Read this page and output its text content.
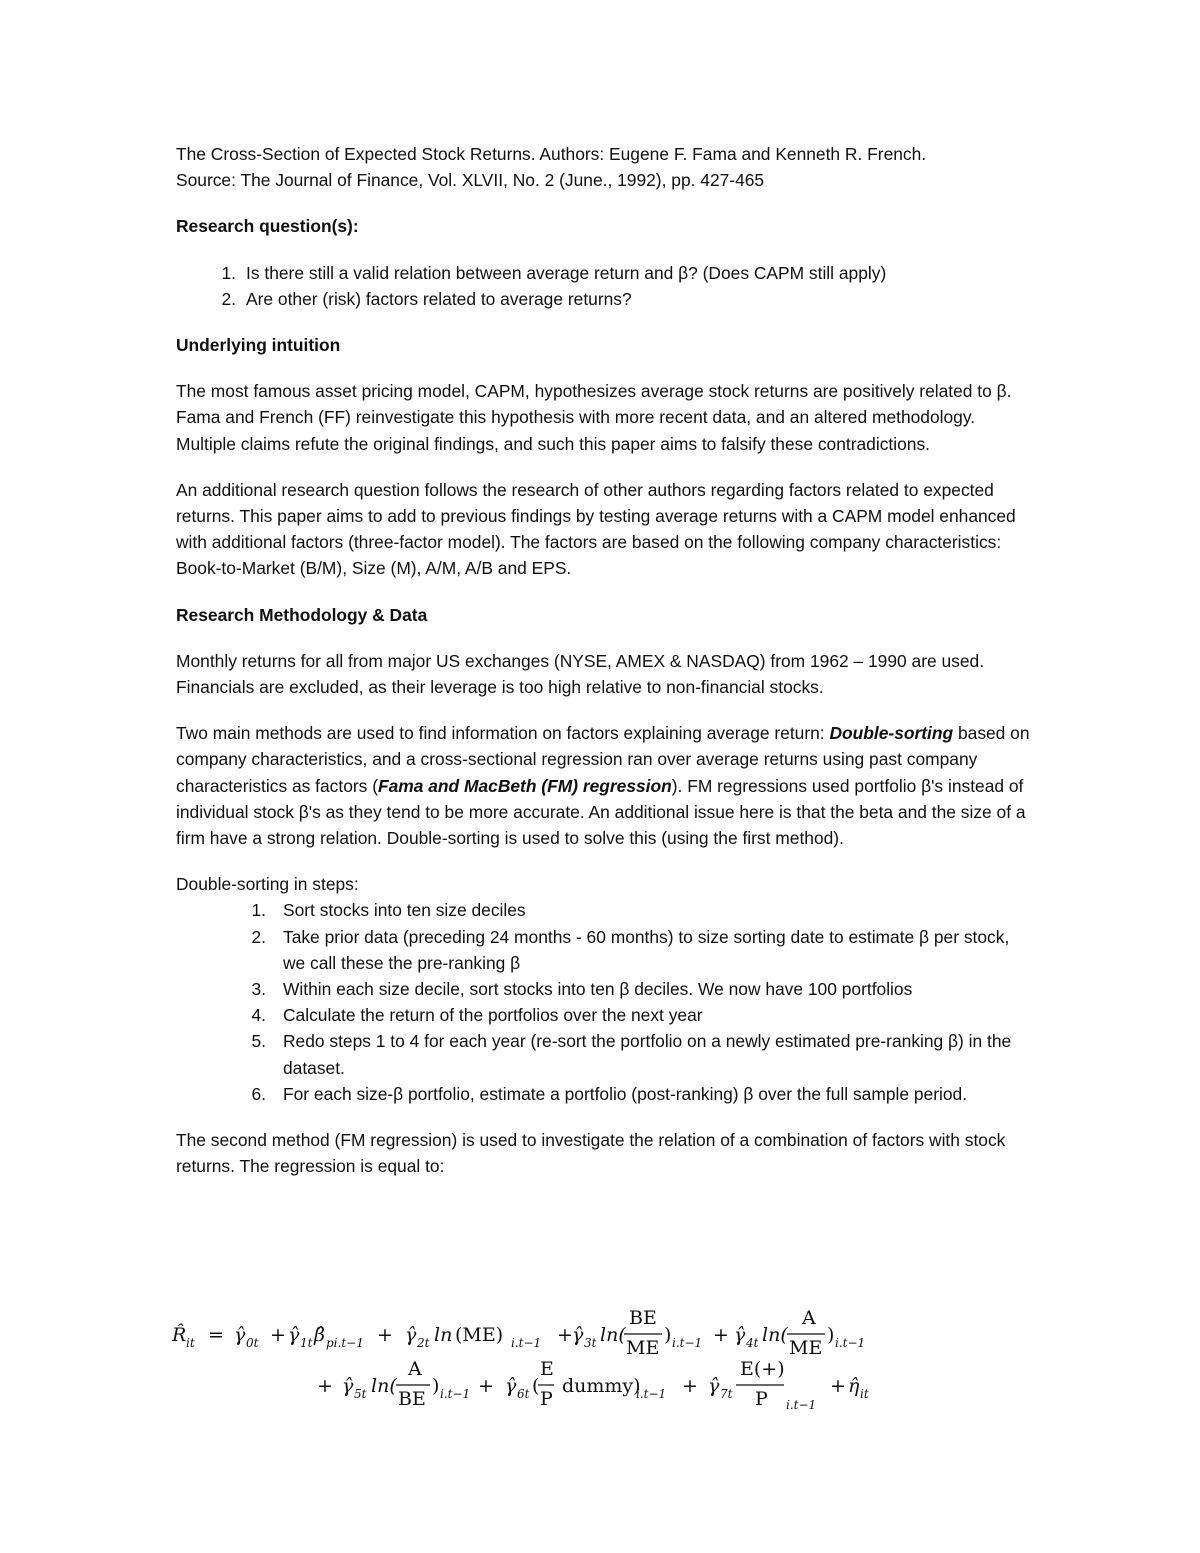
The Cross-Section of Expected Stock Returns. Authors: Eugene F. Fama and Kenneth R. French.

Source: The Journal of Finance, Vol. XLVII, No. 2 (June., 1992), pp. 427-465

Research question(s):

1. Is there still a valid relation between average return and β? (Does CAPM still apply)
2. Are other (risk) factors related to average returns?

Underlying intuition

The most famous asset pricing model, CAPM, hypothesizes average stock returns are positively related to β. Fama and French (FF) reinvestigate this hypothesis with more recent data, and an altered methodology. Multiple claims refute the original findings, and such this paper aims to falsify these contradictions.

An additional research question follows the research of other authors regarding factors related to expected returns. This paper aims to add to previous findings by testing average returns with a CAPM model enhanced with additional factors (three-factor model). The factors are based on the following company characteristics: Book-to-Market (B/M), Size (M), A/M, A/B and EPS.

Research Methodology & Data

Monthly returns for all from major US exchanges (NYSE, AMEX & NASDAQ) from 1962 – 1990 are used. Financials are excluded, as their leverage is too high relative to non-financial stocks.

Two main methods are used to find information on factors explaining average return: Double-sorting based on company characteristics, and a cross-sectional regression ran over average returns using past company characteristics as factors (Fama and MacBeth (FM) regression). FM regressions used portfolio β's instead of individual stock β's as they tend to be more accurate. An additional issue here is that the beta and the size of a firm have a strong relation. Double-sorting is used to solve this (using the first method).

Double-sorting in steps:

1. Sort stocks into ten size deciles
2. Take prior data (preceding 24 months - 60 months) to size sorting date to estimate β per stock, we call these the pre-ranking β
3. Within each size decile, sort stocks into ten β deciles. We now have 100 portfolios
4. Calculate the return of the portfolios over the next year
5. Redo steps 1 to 4 for each year (re-sort the portfolio on a newly estimated pre-ranking β) in the dataset.
6. For each size-β portfolio, estimate a portfolio (post-ranking) β over the full sample period.

The second method (FM regression) is used to investigate the relation of a combination of factors with stock returns. The regression is equal to:

R̂ it = γ̂ 0t + γ̂ 1t β̂ pi.t−1 + γ̂ 2t ln (ME) i.t−1 + γ̂ 3t ln(
BE
ME
) i.t−1 + γ̂ 4t ln(
A
ME
) i.t−1
+ γ̂ 5t ln(
A
BE
) i.t−1 + γ̂ 6t (
E
P
dummy)
i.t−1 + γ̂ 7t
E(+)
P i.t−1
+ η̂ it
